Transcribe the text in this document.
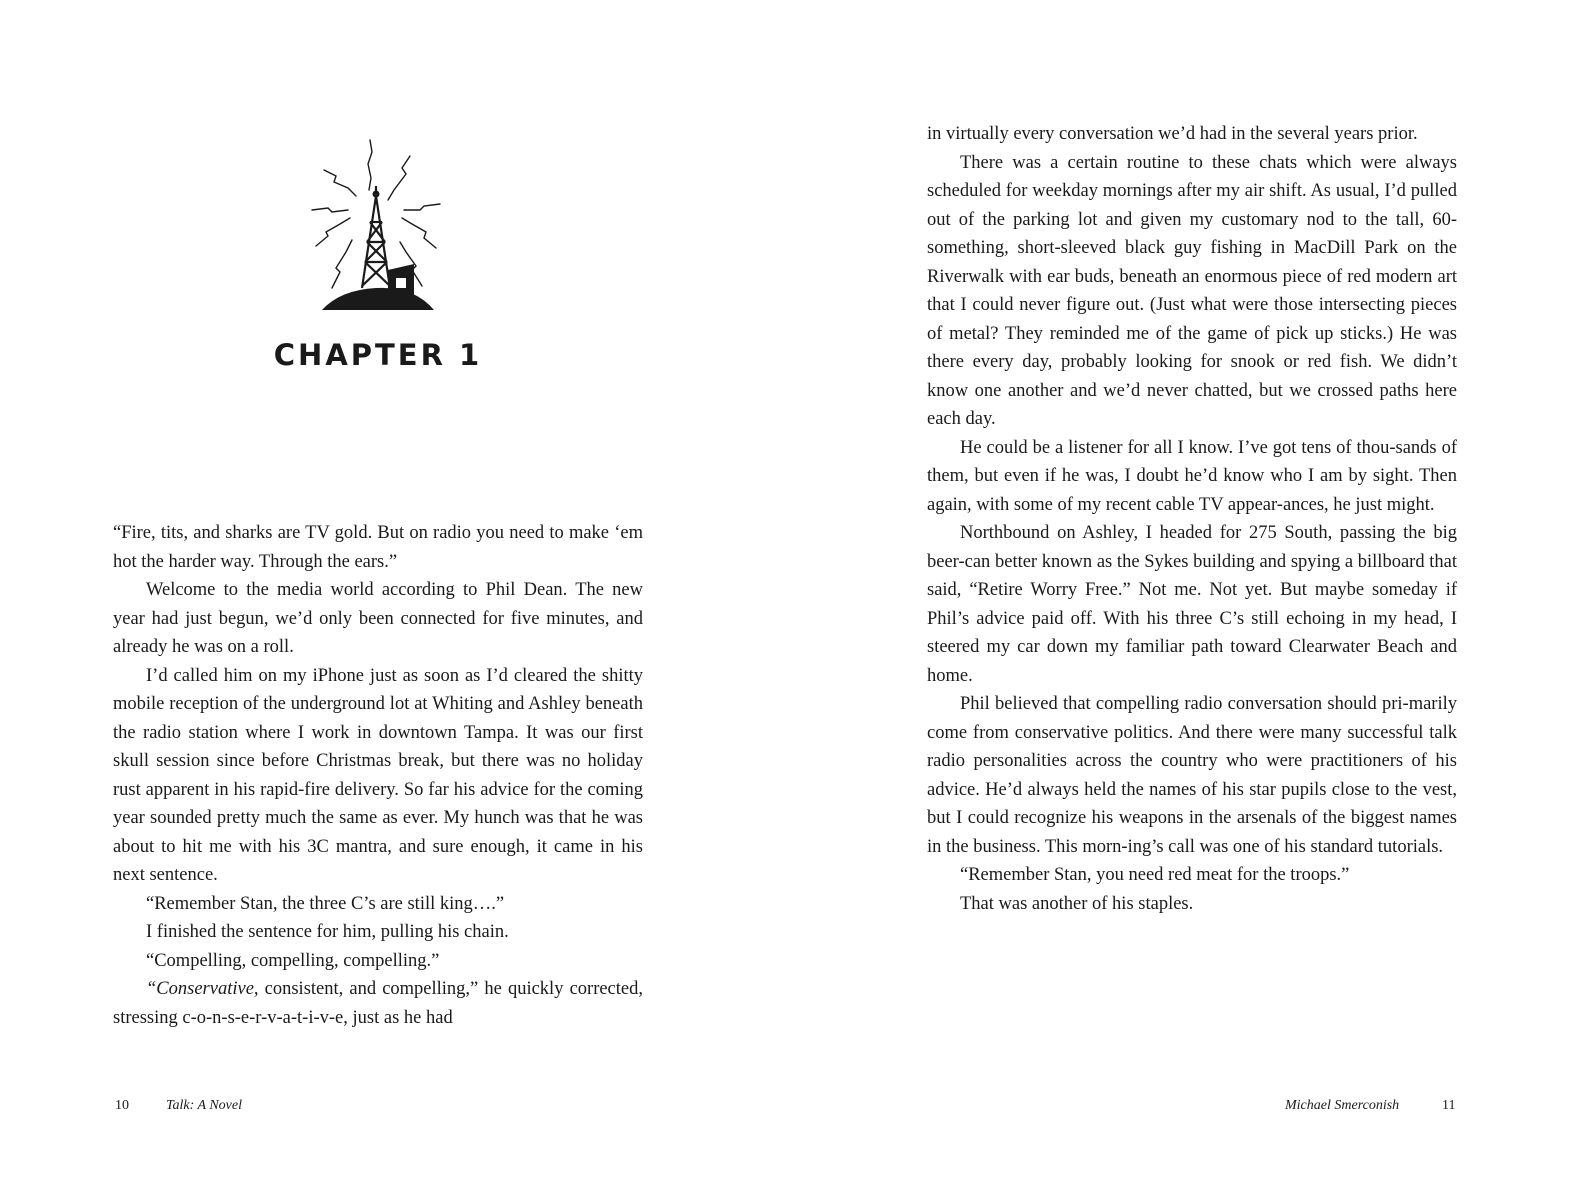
CHAPTER 1

“Fire, tits, and sharks are TV gold. But on radio you need to make ‘em hot the harder way. Through the ears.”

Welcome to the media world according to Phil Dean. The new year had just begun, we’d only been connected for five minutes, and already he was on a roll.

I’d called him on my iPhone just as soon as I’d cleared the shitty mobile reception of the underground lot at Whiting and Ashley beneath the radio station where I work in downtown Tampa. It was our first skull session since before Christmas break, but there was no holiday rust apparent in his rapid-fire delivery. So far his advice for the coming year sounded pretty much the same as ever. My hunch was that he was about to hit me with his 3C mantra, and sure enough, it came in his next sentence.

“Remember Stan, the three C’s are still king….”

I finished the sentence for him, pulling his chain.

“Compelling, compelling, compelling.”

“Conservative, consistent, and compelling,” he quickly corrected, stressing c-o-n-s-e-r-v-a-t-i-v-e, just as he had

10	Talk: A Novel

in virtually every conversation we’d had in the several years prior.

There was a certain routine to these chats which were always scheduled for weekday mornings after my air shift. As usual, I’d pulled out of the parking lot and given my customary nod to the tall, 60-something, short-sleeved black guy fishing in MacDill Park on the Riverwalk with ear buds, beneath an enormous piece of red modern art that I could never figure out. (Just what were those intersecting pieces of metal? They reminded me of the game of pick up sticks.) He was there every day, probably looking for snook or red fish. We didn’t know one another and we’d never chatted, but we crossed paths here each day.

He could be a listener for all I know. I’ve got tens of thou-sands of them, but even if he was, I doubt he’d know who I am by sight. Then again, with some of my recent cable TV appear-ances, he just might.

Northbound on Ashley, I headed for 275 South, passing the big beer-can better known as the Sykes building and spying a billboard that said, “Retire Worry Free.” Not me. Not yet. But maybe someday if Phil’s advice paid off. With his three C’s still echoing in my head, I steered my car down my familiar path toward Clearwater Beach and home.

Phil believed that compelling radio conversation should pri-marily come from conservative politics. And there were many successful talk radio personalities across the country who were practitioners of his advice. He’d always held the names of his star pupils close to the vest, but I could recognize his weapons in the arsenals of the biggest names in the business. This morn-ing’s call was one of his standard tutorials.

“Remember Stan, you need red meat for the troops.”

That was another of his staples.

Michael Smerconish	11
